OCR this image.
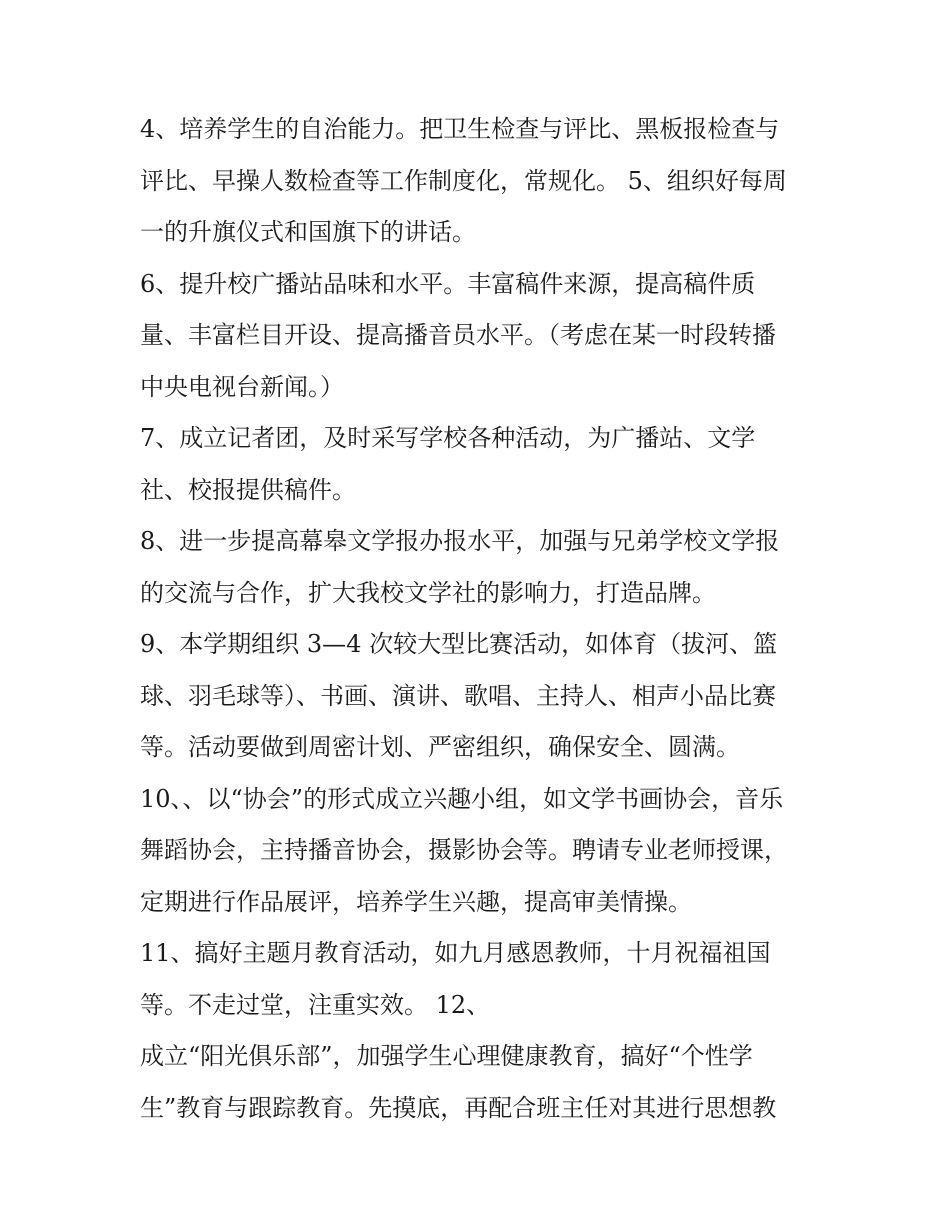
4、培养学生的自治能力。把卫生检查与评比、黑板报检查与
评比、早操人数检查等工作制度化，常规化。 5、组织好每周
一的升旗仪式和国旗下的讲话。
6、提升校广播站品味和水平。丰富稿件来源，提高稿件质
量、丰富栏目开设、提高播音员水平。（考虑在某一时段转播
中央电视台新闻。）
7、成立记者团，及时采写学校各种活动，为广播站、文学
社、校报提供稿件。
8、进一步提高幕皋文学报办报水平，加强与兄弟学校文学报
的交流与合作，扩大我校文学社的影响力，打造品牌。
9、本学期组织 3—4 次较大型比赛活动，如体育（拔河、篮
球、羽毛球等）、书画、演讲、歌唱、主持人、相声小品比赛
等。活动要做到周密计划、严密组织，确保安全、圆满。
10、、以“协会”的形式成立兴趣小组，如文学书画协会，音乐
舞蹈协会，主持播音协会，摄影协会等。聘请专业老师授课，
定期进行作品展评，培养学生兴趣，提高审美情操。
11、搞好主题月教育活动，如九月感恩教师，十月祝福祖国
等。不走过堂，注重实效。 12、
成立“阳光俱乐部”，加强学生心理健康教育，搞好“个性学
生”教育与跟踪教育。先摸底，再配合班主任对其进行思想教
